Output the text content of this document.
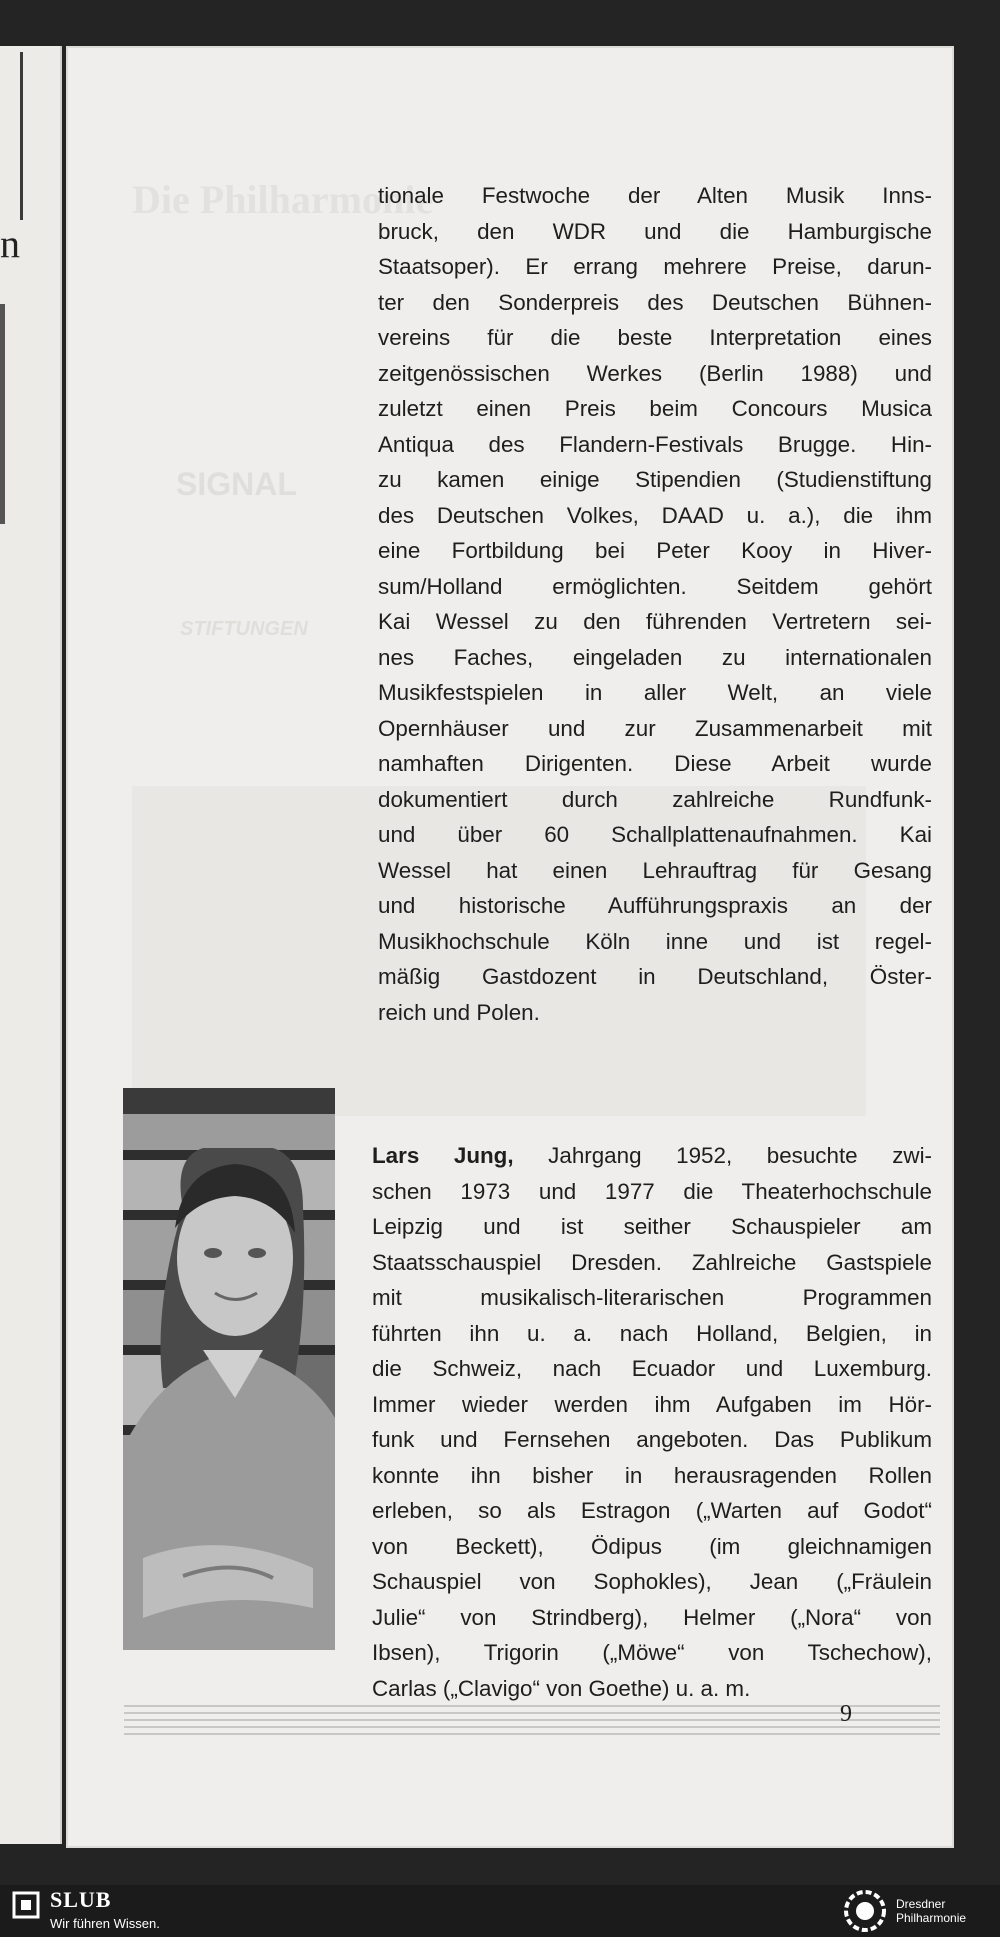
n
Die Philharmonie
SIGNAL
STIFTUNGEN
tionale Festwoche der Alten Musik Inns-
bruck, den WDR und die Hamburgische
Staatsoper). Er errang mehrere Preise, darun-
ter den Sonderpreis des Deutschen Bühnen-
vereins für die beste Interpretation eines
zeitgenössischen Werkes (Berlin 1988) und
zuletzt einen Preis beim Concours Musica
Antiqua des Flandern-Festivals Brugge. Hin-
zu kamen einige Stipendien (Studienstiftung
des Deutschen Volkes, DAAD u. a.), die ihm
eine Fortbildung bei Peter Kooy in Hiver-
sum/Holland ermöglichten. Seitdem gehört
Kai Wessel zu den führenden Vertretern sei-
nes Faches, eingeladen zu internationalen
Musikfestspielen in aller Welt, an viele
Opernhäuser und zur Zusammenarbeit mit
namhaften Dirigenten. Diese Arbeit wurde
dokumentiert durch zahlreiche Rundfunk-
und über 60 Schallplattenaufnahmen. Kai
Wessel hat einen Lehrauftrag für Gesang
und historische Aufführungspraxis an der
Musikhochschule Köln inne und ist regel-
mäßig Gastdozent in Deutschland, Öster-
reich und Polen.
Lars Jung, Jahrgang 1952, besuchte zwi-
schen 1973 und 1977 die Theaterhochschule
Leipzig und ist seither Schauspieler am
Staatsschauspiel Dresden. Zahlreiche Gastspiele
mit musikalisch-literarischen Programmen
führten ihn u. a. nach Holland, Belgien, in
die Schweiz, nach Ecuador und Luxemburg.
Immer wieder werden ihm Aufgaben im Hör-
funk und Fernsehen angeboten. Das Publikum
konnte ihn bisher in herausragenden Rollen
erleben, so als Estragon („Warten auf Godot“
von Beckett), Ödipus (im gleichnamigen
Schauspiel von Sophokles), Jean („Fräulein
Julie“ von Strindberg), Helmer („Nora“ von
Ibsen), Trigorin („Möwe“ von Tschechow),
Carlas („Clavigo“ von Goethe) u. a. m.
9
SLUB
Wir führen Wissen.
Dresdner
Philharmonie
